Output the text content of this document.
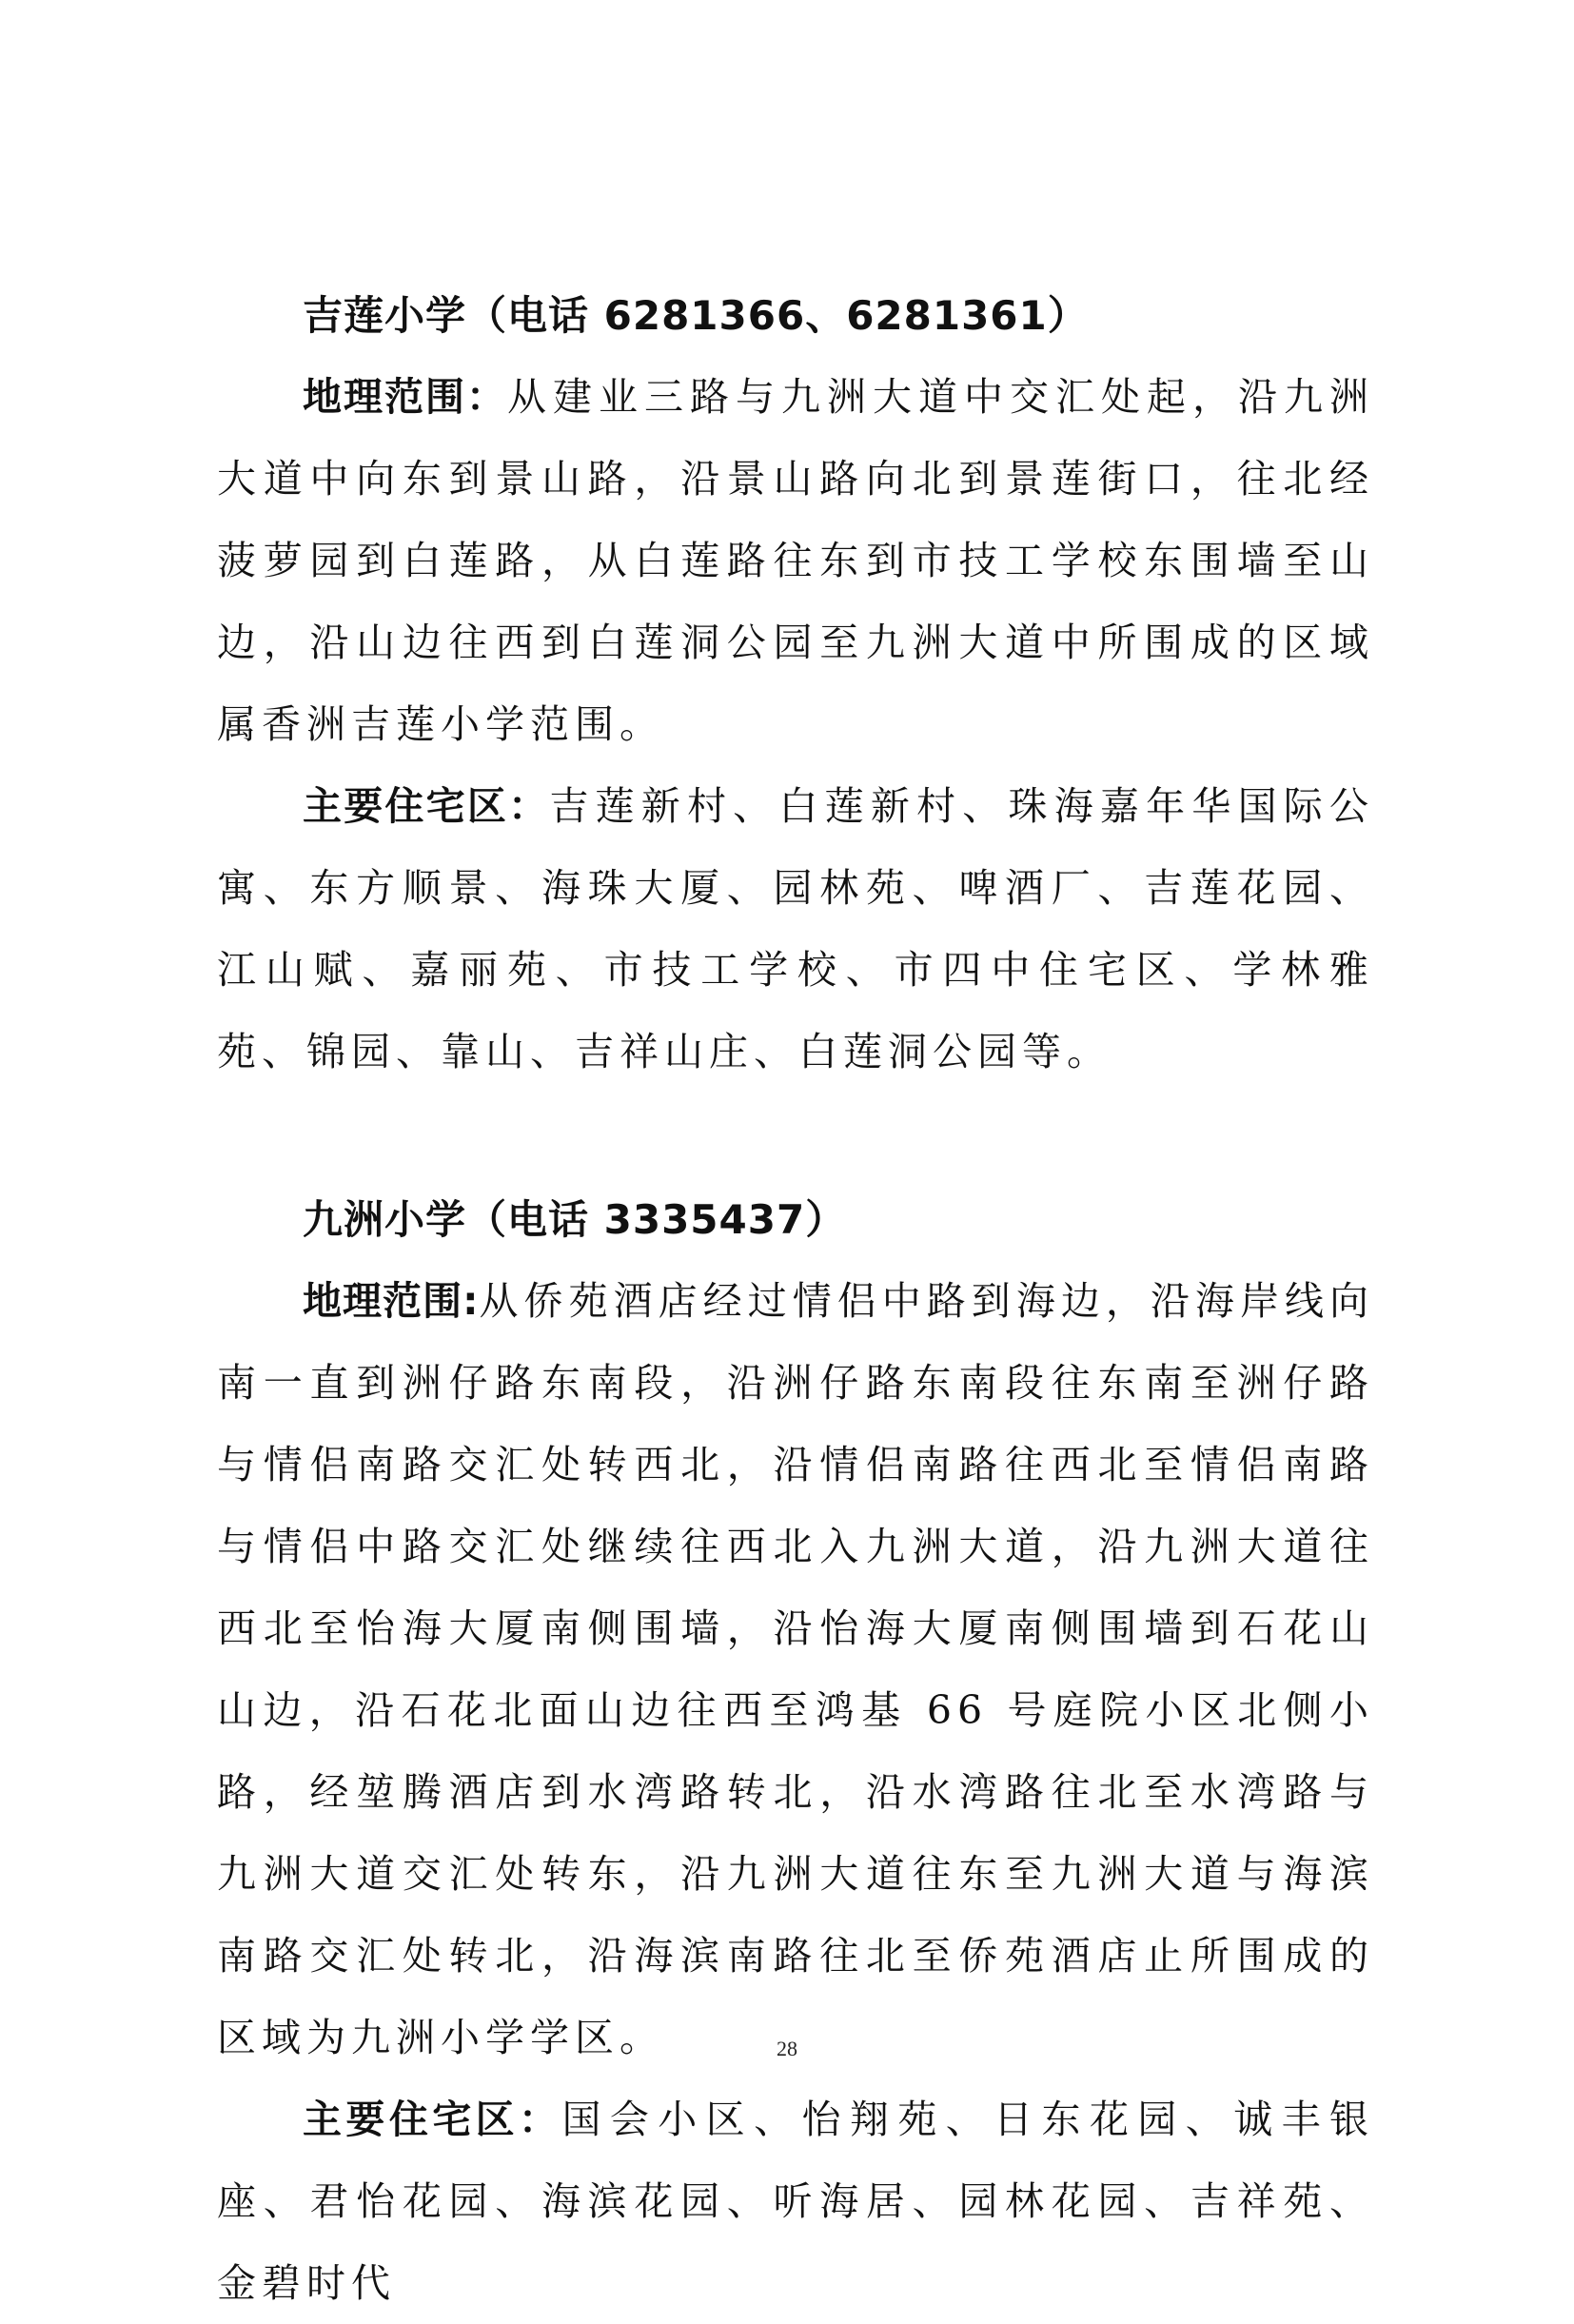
吉莲小学（电话 6281366、6281361）

地理范围：从建业三路与九洲大道中交汇处起，沿九洲大道中向东到景山路，沿景山路向北到景莲街口，往北经菠萝园到白莲路，从白莲路往东到市技工学校东围墙至山边，沿山边往西到白莲洞公园至九洲大道中所围成的区域属香洲吉莲小学范围。

主要住宅区：吉莲新村、白莲新村、珠海嘉年华国际公寓、东方顺景、海珠大厦、园林苑、啤酒厂、吉莲花园、江山赋、嘉丽苑、市技工学校、市四中住宅区、学林雅苑、锦园、靠山、吉祥山庄、白莲洞公园等。

九洲小学（电话 3335437）

地理范围:从侨苑酒店经过情侣中路到海边，沿海岸线向南一直到洲仔路东南段，沿洲仔路东南段往东南至洲仔路与情侣南路交汇处转西北，沿情侣南路往西北至情侣南路与情侣中路交汇处继续往西北入九洲大道，沿九洲大道往西北至怡海大厦南侧围墙，沿怡海大厦南侧围墙到石花山山边，沿石花北面山边往西至鸿基 66 号庭院小区北侧小路，经堃腾酒店到水湾路转北，沿水湾路往北至水湾路与九洲大道交汇处转东，沿九洲大道往东至九洲大道与海滨南路交汇处转北，沿海滨南路往北至侨苑酒店止所围成的区域为九洲小学学区。

主要住宅区：国会小区、怡翔苑、日东花园、诚丰银座、君怡花园、海滨花园、听海居、园林花园、吉祥苑、金碧时代

28
